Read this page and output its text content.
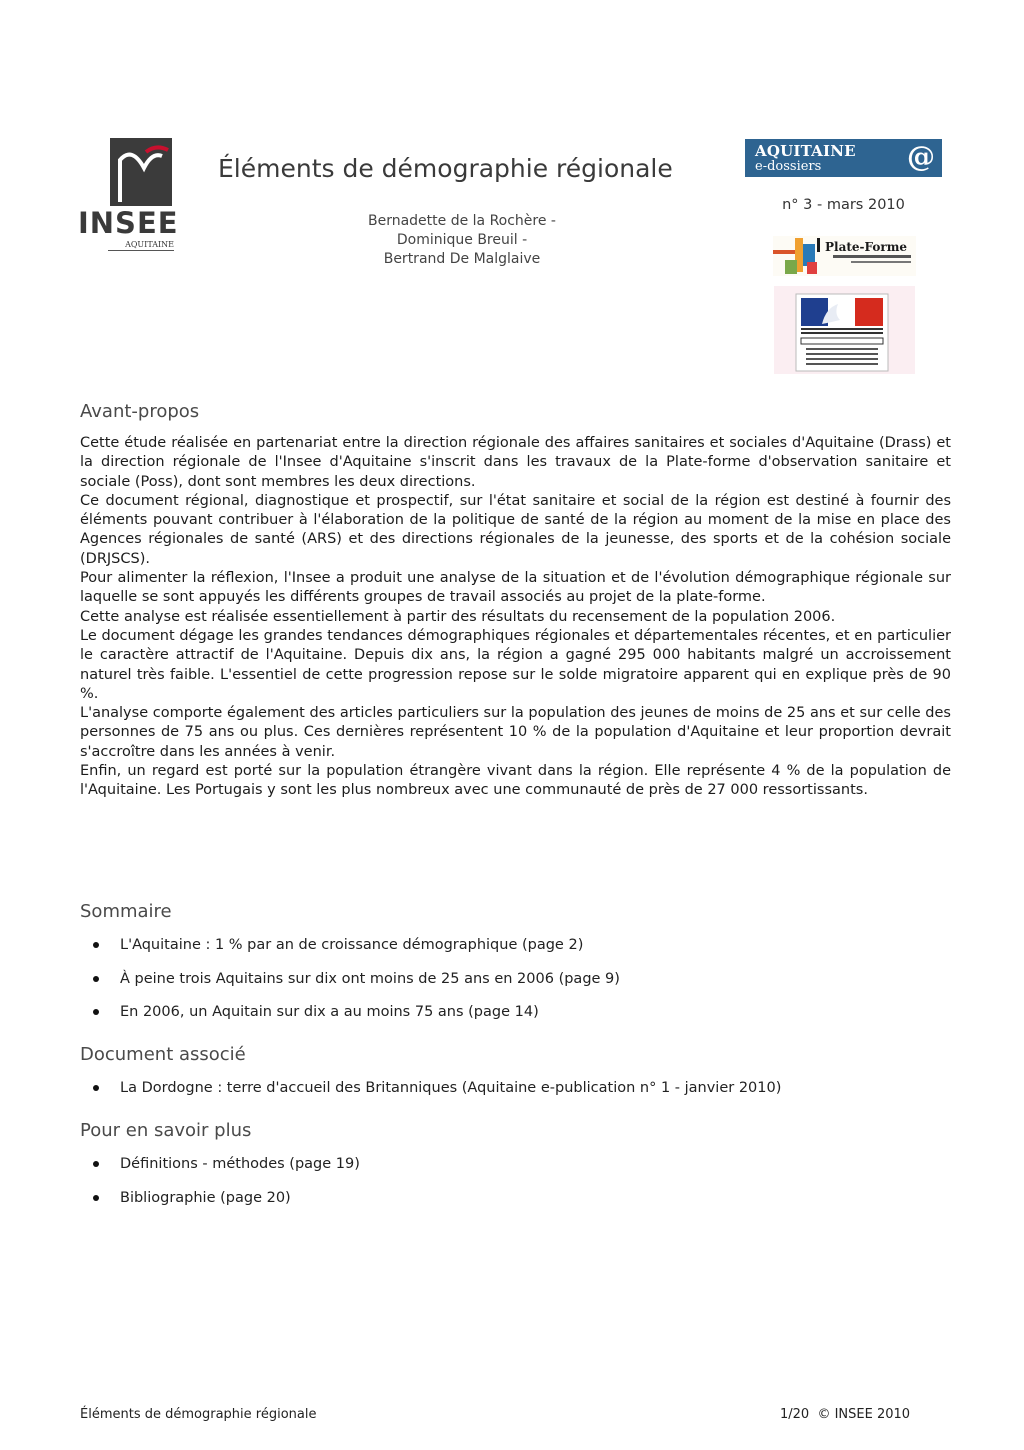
INSEE
AQUITAINE
Éléments de démographie régionale
Bernadette de la Rochère -
Dominique Breuil -
Bertrand De Malglaive
AQUITAINE
e-dossiers	@
n° 3 - mars 2010
Plate-Forme
Avant-propos

Cette étude réalisée en partenariat entre la direction régionale des affaires sanitaires et sociales d'Aquitaine (Drass) et la direction régionale de l'Insee d'Aquitaine s'inscrit dans les travaux de la Plate-forme d'observation sanitaire et sociale (Poss), dont sont membres les deux directions.

Ce document régional, diagnostique et prospectif, sur l'état sanitaire et social de la région est destiné à fournir des éléments pouvant contribuer à l'élaboration de la politique de santé de la région au moment de la mise en place des Agences régionales de santé (ARS) et des directions régionales de la jeunesse, des sports et de la cohésion sociale (DRJSCS).

Pour alimenter la réflexion, l'Insee a produit une analyse de la situation et de l'évolution démographique régionale sur laquelle se sont appuyés les différents groupes de travail associés au projet de la plate-forme.

Cette analyse est réalisée essentiellement à partir des résultats du recensement de la population 2006.

Le document dégage les grandes tendances démographiques régionales et départementales récentes, et en particulier le caractère attractif de l'Aquitaine. Depuis dix ans, la région a gagné 295 000 habitants malgré un accroissement naturel très faible. L'essentiel de cette progression repose sur le solde migratoire apparent qui en explique près de 90 %.

L'analyse comporte également des articles particuliers sur la population des jeunes de moins de 25 ans et sur celle des personnes de 75 ans ou plus. Ces dernières représentent 10 % de la population d'Aquitaine et leur proportion devrait s'accroître dans les années à venir.

Enfin, un regard est porté sur la population étrangère vivant dans la région. Elle représente 4 % de la population de l'Aquitaine. Les Portugais y sont les plus nombreux avec une communauté de près de 27 000 ressortissants.

Sommaire
L'Aquitaine : 1 % par an de croissance démographique (page 2)
À peine trois Aquitains sur dix ont moins de 25 ans en 2006 (page 9)
En 2006, un Aquitain sur dix a au moins 75 ans (page 14)
Document associé
La Dordogne : terre d'accueil des Britanniques (Aquitaine e-publication n° 1 - janvier 2010)
Pour en savoir plus
Définitions - méthodes (page 19)
Bibliographie (page 20)
Éléments de démographie régionale	1/20  © INSEE 2010
